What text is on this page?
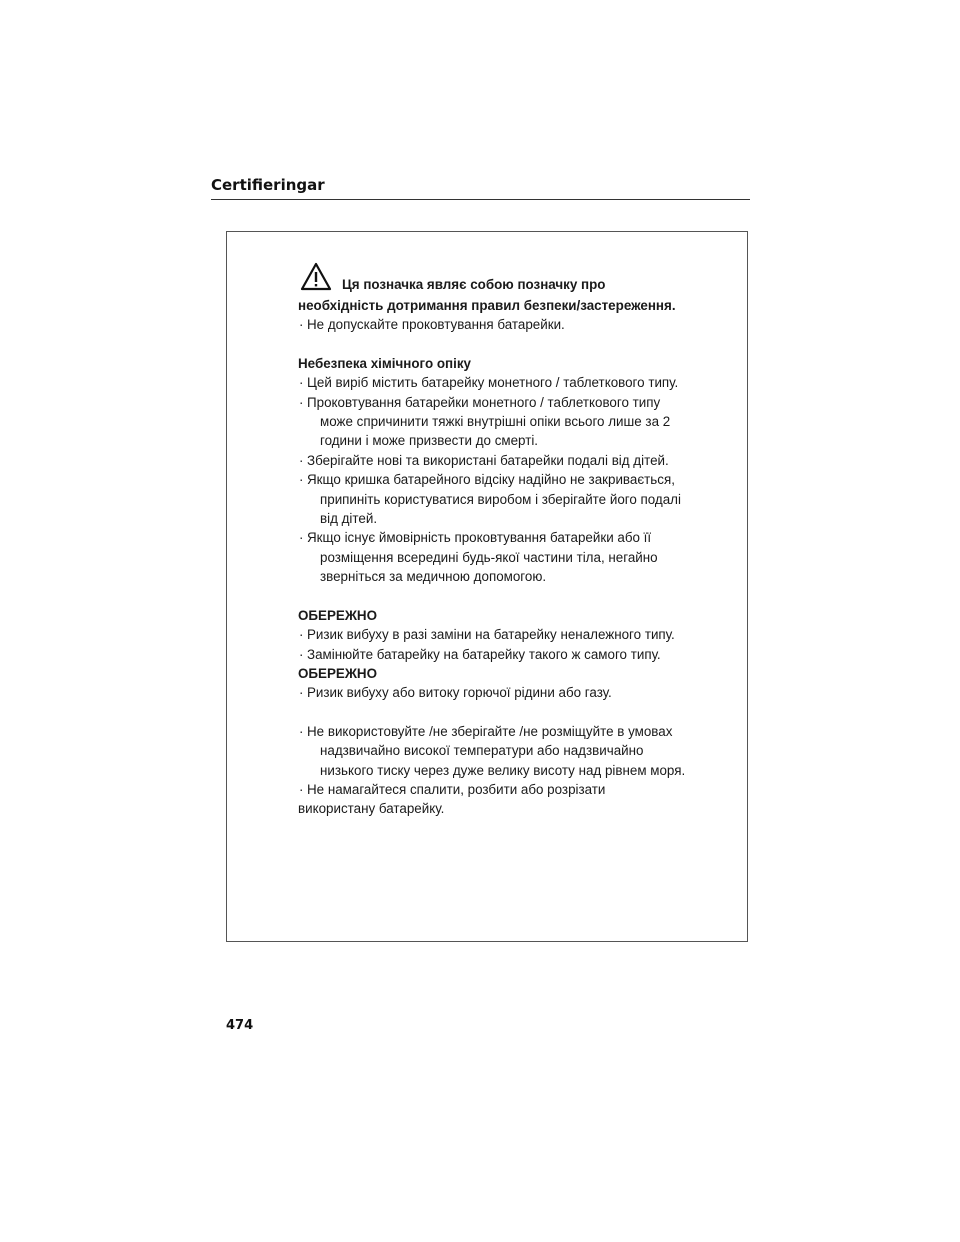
Certifieringar
Ця позначка являє собою позначку про
необхідність дотримання правил безпеки/застереження.
· Не допускайте проковтування батарейки.
Небезпека хімічного опіку
· Цей виріб містить батарейку монетного / таблеткового типу.
· Проковтування батарейки монетного / таблеткового типу
може спричинити тяжкі внутрішні опіки всього лише за 2
години і може призвести до смерті.
· Зберігайте нові та використані батарейки подалі від дітей.
· Якщо кришка батарейного відсіку надійно не закривається,
припиніть користуватися виробом і зберігайте його подалі
від дітей.
· Якщо існує ймовірність проковтування батарейки або її
розміщення всередині будь-якої частини тіла, негайно
зверніться за медичною допомогою.
ОБЕРЕЖНО
· Ризик вибуху в разі заміни на батарейку неналежного типу.
· Замінюйте батарейку на батарейку такого ж самого типу.
ОБЕРЕЖНО
· Ризик вибуху або витоку горючої рідини або газу.
· Не використовуйте /не зберігайте /не розміщуйте в умовах
надзвичайно високої температури або надзвичайно
низького тиску через дуже велику висоту над рівнем моря.
· Не намагайтеся спалити, розбити або розрізати
використану батарейку.
474
